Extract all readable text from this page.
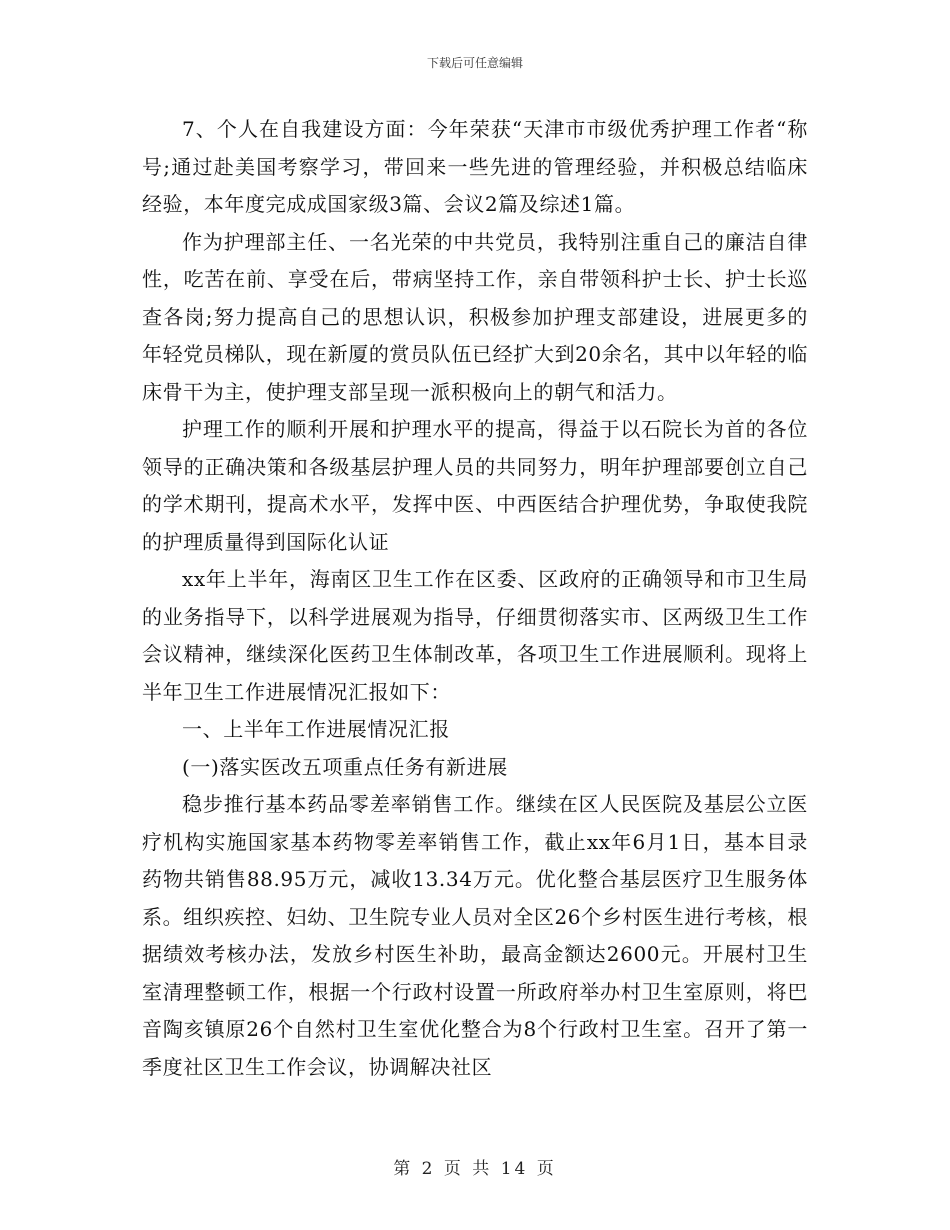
下载后可任意编辑

7、个人在自我建设方面：今年荣获“天津市市级优秀护理工作者“称号;通过赴美国考察学习，带回来一些先进的管理经验，并积极总结临床经验，本年度完成成国家级3篇、会议2篇及综述1篇。

作为护理部主任、一名光荣的中共党员，我特别注重自己的廉洁自律性，吃苦在前、享受在后，带病坚持工作，亲自带领科护士长、护士长巡查各岗;努力提高自己的思想认识，积极参加护理支部建设，进展更多的年轻党员梯队，现在新厦的赏员队伍已经扩大到20余名，其中以年轻的临床骨干为主，使护理支部呈现一派积极向上的朝气和活力。

护理工作的顺利开展和护理水平的提高，得益于以石院长为首的各位领导的正确决策和各级基层护理人员的共同努力，明年护理部要创立自己的学术期刊，提高术水平，发挥中医、中西医结合护理优势，争取使我院的护理质量得到国际化认证

xx年上半年，海南区卫生工作在区委、区政府的正确领导和市卫生局的业务指导下，以科学进展观为指导，仔细贯彻落实市、区两级卫生工作会议精神，继续深化医药卫生体制改革，各项卫生工作进展顺利。现将上半年卫生工作进展情况汇报如下：

一、上半年工作进展情况汇报

(一)落实医改五项重点任务有新进展

稳步推行基本药品零差率销售工作。继续在区人民医院及基层公立医疗机构实施国家基本药物零差率销售工作，截止xx年6月1日，基本目录药物共销售88.95万元，减收13.34万元。优化整合基层医疗卫生服务体系。组织疾控、妇幼、卫生院专业人员对全区26个乡村医生进行考核，根据绩效考核办法，发放乡村医生补助，最高金额达2600元。开展村卫生室清理整顿工作，根据一个行政村设置一所政府举办村卫生室原则，将巴音陶亥镇原26个自然村卫生室优化整合为8个行政村卫生室。召开了第一季度社区卫生工作会议，协调解决社区

第 2 页 共 14 页
